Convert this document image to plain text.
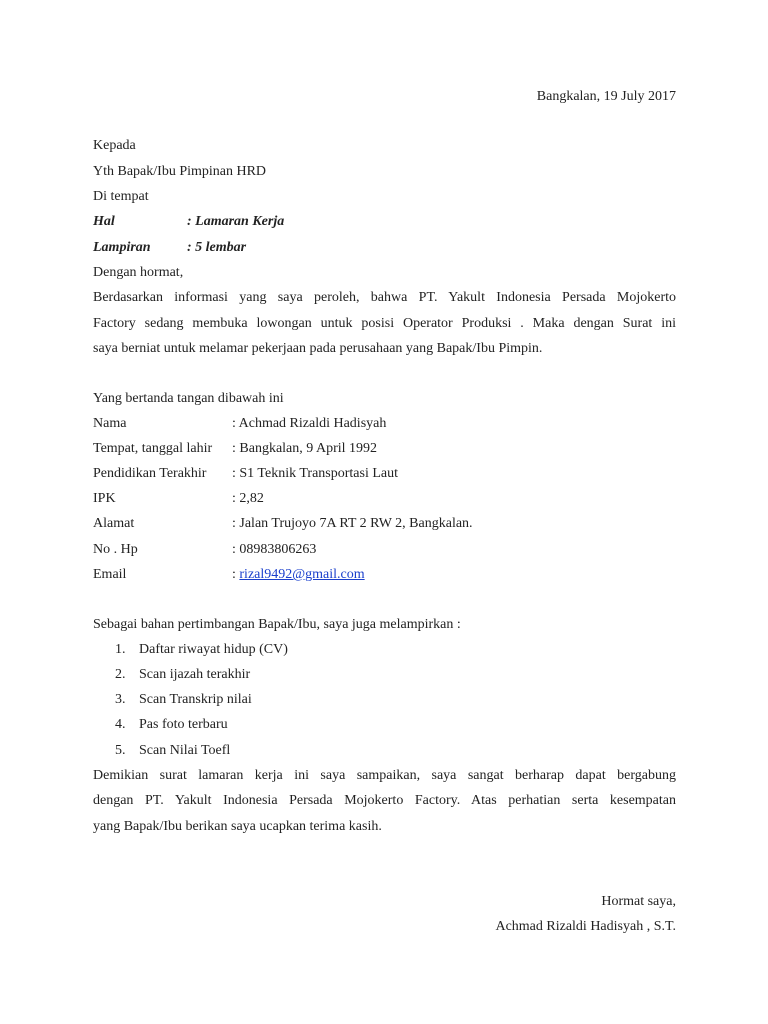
Bangkalan, 19 July 2017
Kepada
Yth Bapak/Ibu Pimpinan HRD
Di tempat
Hal	: Lamaran Kerja
Lampiran	: 5 lembar
Dengan hormat,
Berdasarkan informasi yang saya peroleh, bahwa PT. Yakult Indonesia Persada Mojokerto
Factory sedang membuka lowongan untuk posisi Operator Produksi . Maka dengan Surat ini
saya berniat untuk melamar pekerjaan pada perusahaan yang Bapak/Ibu Pimpin.
Yang bertanda tangan dibawah ini
Nama	: Achmad Rizaldi Hadisyah
Tempat, tanggal lahir : Bangkalan, 9 April 1992
Pendidikan Terakhir : S1 Teknik Transportasi Laut
IPK	: 2,82
Alamat	: Jalan Trujoyo 7A RT 2 RW 2, Bangkalan.
No . Hp	: 08983806263
Email	: rizal9492@gmail.com
Sebagai bahan pertimbangan Bapak/Ibu, saya juga melampirkan :
1. Daftar riwayat hidup (CV)
2. Scan ijazah terakhir
3. Scan Transkrip nilai
4. Pas foto terbaru
5. Scan Nilai Toefl
Demikian surat lamaran kerja ini saya sampaikan, saya sangat berharap dapat bergabung
dengan PT. Yakult Indonesia Persada Mojokerto Factory. Atas perhatian serta kesempatan
yang Bapak/Ibu berikan saya ucapkan terima kasih.
Hormat saya,
Achmad Rizaldi Hadisyah , S.T.
